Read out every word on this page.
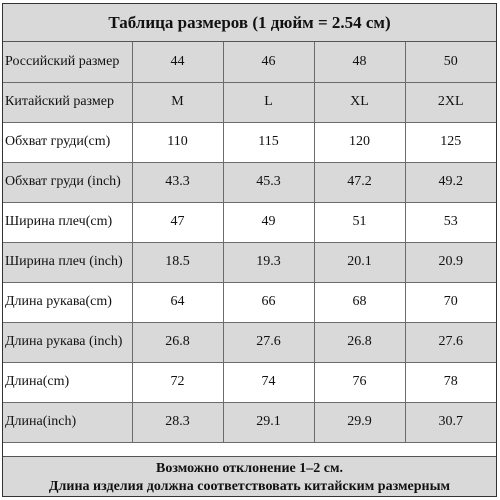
Таблица размеров (1 дюйм = 2.54 см)
Российский размер	44	46	48	50
Китайский размер	M	L	XL	2XL
Обхват груди(cm)	110	115	120	125
Обхват груди (inch)	43.3	45.3	47.2	49.2
Ширина плеч(cm)	47	49	51	53
Ширина плеч (inch)	18.5	19.3	20.1	20.9
Длина рукава(cm)	64	66	68	70
Длина рукава (inch)	26.8	27.6	26.8	27.6
Длина(cm)	72	74	76	78
Длина(inch)	28.3	29.1	29.9	30.7
Возможно отклонение 1–2 см.
Длина изделия должна соответствовать китайским размерным
